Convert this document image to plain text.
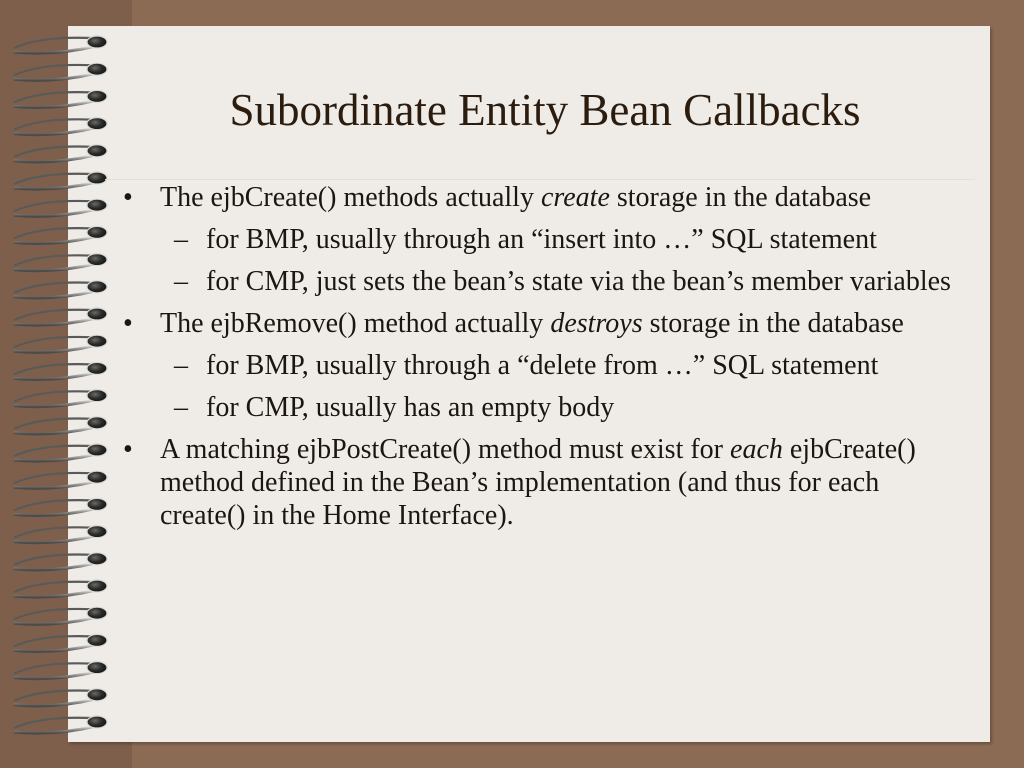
Subordinate Entity Bean Callbacks
• The ejbCreate() methods actually create storage in the database
– for BMP, usually through an “insert into …” SQL statement
– for CMP, just sets the bean’s state via the bean’s member variables
• The ejbRemove() method actually destroys storage in the database
– for BMP, usually through a “delete from …” SQL statement
– for CMP, usually has an empty body
• A matching ejbPostCreate() method must exist for each ejbCreate() method defined in the Bean’s implementation (and thus for each create() in the Home Interface).
